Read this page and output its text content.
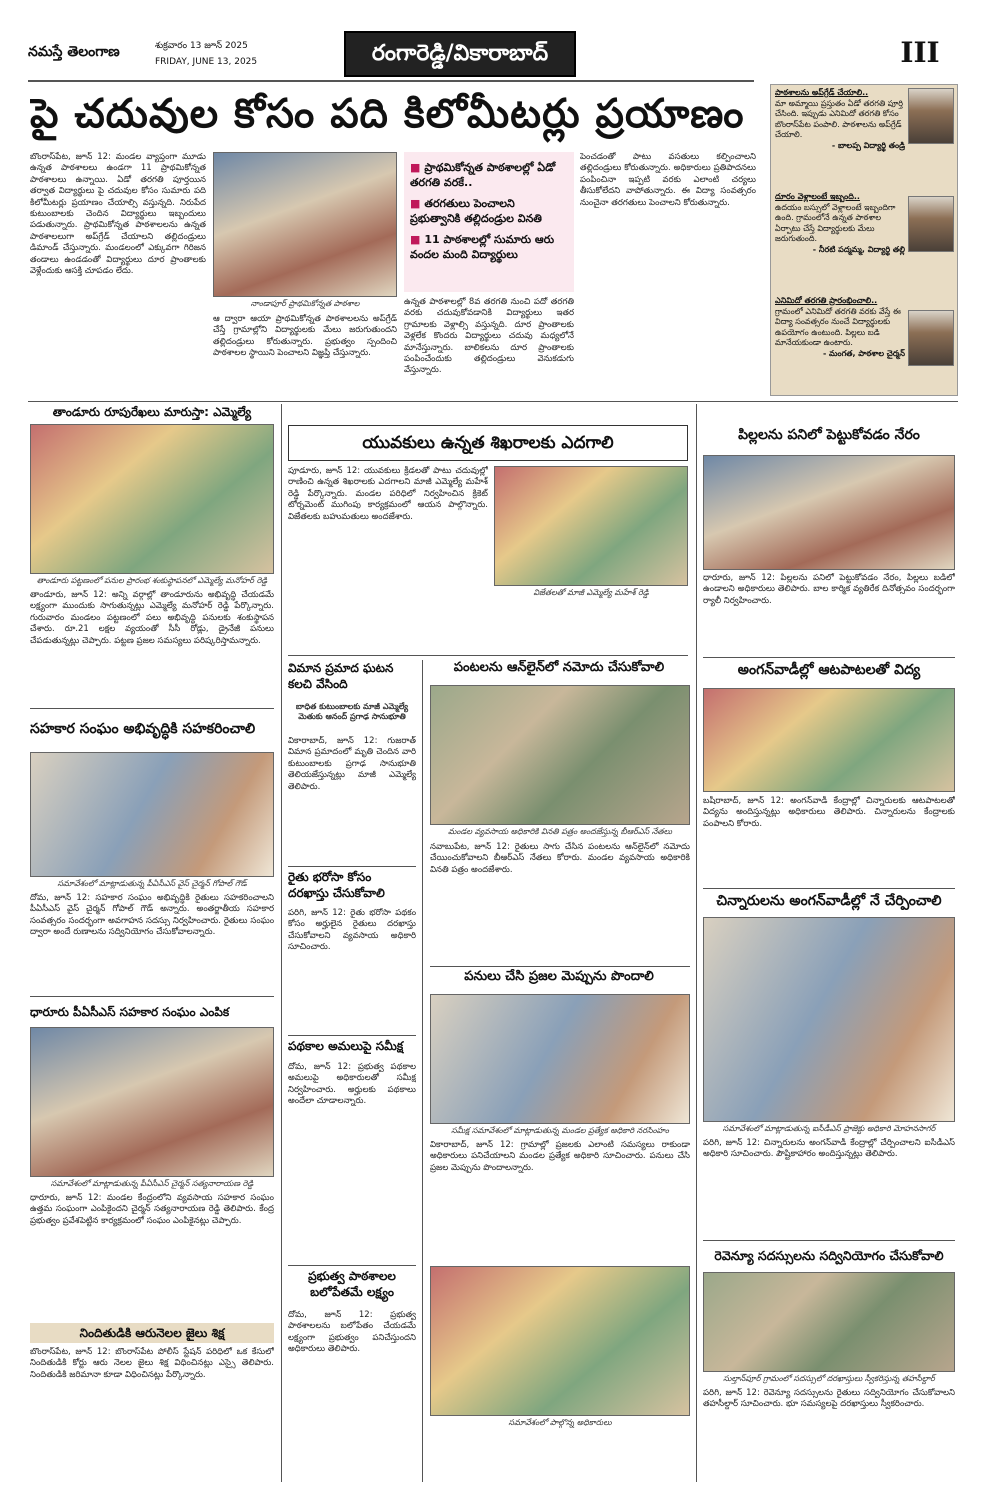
నమస్తే తెలంగాణ	శుక్రవారం 13 జూన్ 2025
FRIDAY, JUNE 13, 2025	రంగారెడ్డి/వికారాబాద్	III
పై చదువుల కోసం పది కిలోమీటర్లు ప్రయాణం
బొంరాస్‌పేట, జూన్ 12: మండల వ్యాప్తంగా మూడు ఉన్నత పాఠశాలలు ఉండగా 11 ప్రాథమికోన్నత పాఠశాలలు ఉన్నాయి. ఏడో తరగతి పూర్తయిన తర్వాత విద్యార్థులు పై చదువుల కోసం సుమారు పది కిలోమీటర్లు ప్రయాణం చేయాల్సి వస్తున్నది. నిరుపేద కుటుంబాలకు చెందిన విద్యార్థులు ఇబ్బందులు పడుతున్నారు. ప్రాథమికోన్నత పాఠశాలలను ఉన్నత పాఠశాలలుగా అప్‌గ్రేడ్ చేయాలని తల్లిదండ్రులు డిమాండ్ చేస్తున్నారు. మండలంలో ఎక్కువగా గిరిజన తండాలు ఉండడంతో విద్యార్థులు దూర ప్రాంతాలకు వెళ్లేందుకు ఆసక్తి చూపడం లేదు.
నాండాపూర్ ప్రాథమికోన్నత పాఠశాల
ఆ ద్వారా ఆయా ప్రాథమికోన్నత పాఠశాలలను అప్‌గ్రేడ్ చేస్తే గ్రామాల్లోని విద్యార్థులకు మేలు జరుగుతుందని తల్లిదండ్రులు కోరుతున్నారు. ప్రభుత్వం స్పందించి పాఠశాలల స్థాయిని పెంచాలని విజ్ఞప్తి చేస్తున్నారు.
■ ప్రాథమికోన్నత పాఠశాలల్లో ఏడో తరగతి వరకే..
■ తరగతులు పెంచాలని ప్రభుత్వానికి తల్లిదండ్రుల వినతి
■ 11 పాఠశాలల్లో సుమారు ఆరు వందల మంది విద్యార్థులు
ఉన్నత పాఠశాలల్లో 8వ తరగతి నుంచి పదో తరగతి వరకు చదువుకోవడానికి విద్యార్థులు ఇతర గ్రామాలకు వెళ్లాల్సి వస్తున్నది. దూర ప్రాంతాలకు వెళ్లలేక కొందరు విద్యార్థులు చదువు మధ్యలోనే మానేస్తున్నారు. బాలికలను దూర ప్రాంతాలకు పంపించేందుకు తల్లిదండ్రులు వెనుకడుగు వేస్తున్నారు.
పెంచడంతో పాటు వసతులు కల్పించాలని తల్లిదండ్రులు కోరుతున్నారు. అధికారులు ప్రతిపాదనలు పంపించినా ఇప్పటి వరకు ఎలాంటి చర్యలు తీసుకోలేదని వాపోతున్నారు. ఈ విద్యా సంవత్సరం నుంచైనా తరగతులు పెంచాలని కోరుతున్నారు.
పాఠశాలను అప్‌గ్రేడ్ చేయాలి..
మా అమ్మాయి ప్రస్తుతం ఏడో తరగతి పూర్తి చేసింది. ఇప్పుడు ఎనిమిదో తరగతి కోసం బొంరాస్‌పేట పంపాలి. పాఠశాలను అప్‌గ్రేడ్ చేయాలి.
- బాలప్ప విద్యార్థి తండ్రి
దూరం వెళ్లాలంటే ఇబ్బంది..
ఉదయం బస్సులో వెళ్లాలంటే ఇబ్బందిగా ఉంది. గ్రామంలోనే ఉన్నత పాఠశాల ఏర్పాటు చేస్తే విద్యార్థులకు మేలు జరుగుతుంది.
- నీరటి పద్మమ్మ, విద్యార్థి తల్లి
ఎనిమిదో తరగతి ప్రారంభించాలి..
గ్రామంలో ఎనిమిదో తరగతి వరకు వేస్తే ఈ విద్యా సంవత్సరం నుంచే విద్యార్థులకు ఉపయోగం ఉంటుంది. పిల్లలు బడి మానేయకుండా ఉంటారు.
- మంగత, పాఠశాల చైర్మన్
తాండూరు రూపురేఖలు మారుస్తా: ఎమ్మెల్యే
తాండూరు పట్టణంలో పనుల ప్రారంభ శంకుస్థాపనలో ఎమ్మెల్యే మనోహర్ రెడ్డి
తాండూరు, జూన్ 12: అన్ని వర్గాల్లో తాండూరును అభివృద్ధి చేయడమే లక్ష్యంగా ముందుకు సాగుతున్నట్లు ఎమ్మెల్యే మనోహర్ రెడ్డి పేర్కొన్నారు. గురువారం మండలం పట్టణంలో పలు అభివృద్ధి పనులకు శంకుస్థాపన చేశారు. రూ.21 లక్షల వ్యయంతో సీసీ రోడ్లు, డ్రైనేజీ పనులు చేపడుతున్నట్లు చెప్పారు. పట్టణ ప్రజల సమస్యలు పరిష్కరిస్తామన్నారు.
సహకార సంఘం అభివృద్ధికి సహకరించాలి
సమావేశంలో మాట్లాడుతున్న పీఏసీఎస్ వైస్ చైర్మన్ గోపాల్ గౌడ్
దోమ, జూన్ 12: సహకార సంఘం అభివృద్ధికి రైతులు సహకరించాలని పీఏసీఎస్ వైస్ చైర్మన్ గోపాల్ గౌడ్ అన్నారు. అంతర్జాతీయ సహకార సంవత్సరం సందర్భంగా అవగాహన సదస్సు నిర్వహించారు. రైతులు సంఘం ద్వారా అందే రుణాలను సద్వినియోగం చేసుకోవాలన్నారు.
ధారూరు పీఏసీఎస్ సహకార సంఘం ఎంపిక
సమావేశంలో మాట్లాడుతున్న పీఏసీఎస్ చైర్మన్ సత్యనారాయణ రెడ్డి
ధారూరు, జూన్ 12: మండల కేంద్రంలోని వ్యవసాయ సహకార సంఘం ఉత్తమ సంఘంగా ఎంపికైందని చైర్మన్ సత్యనారాయణ రెడ్డి తెలిపారు. కేంద్ర ప్రభుత్వం ప్రవేశపెట్టిన కార్యక్రమంలో సంఘం ఎంపికైనట్లు చెప్పారు.
నిందితుడికి ఆరునెలల జైలు శిక్ష
బొంరాస్‌పేట, జూన్ 12: బొంరాస్‌పేట పోలీస్ స్టేషన్ పరిధిలో ఒక కేసులో నిందితుడికి కోర్టు ఆరు నెలల జైలు శిక్ష విధించినట్లు ఎస్సై తెలిపారు. నిందితుడికి జరిమానా కూడా విధించినట్లు పేర్కొన్నారు.
యువకులు ఉన్నత శిఖరాలకు ఎదగాలి
పూడూరు, జూన్ 12: యువకులు క్రీడలతో పాటు చదువుల్లో రాణించి ఉన్నత శిఖరాలకు ఎదగాలని మాజీ ఎమ్మెల్యే మహేశ్ రెడ్డి పేర్కొన్నారు. మండల పరిధిలో నిర్వహించిన క్రికెట్ టోర్నమెంట్ ముగింపు కార్యక్రమంలో ఆయన పాల్గొన్నారు. విజేతలకు బహుమతులు అందజేశారు.
విజేతలతో మాజీ ఎమ్మెల్యే మహేశ్ రెడ్డి
విమాన ప్రమాద ఘటన కలచి వేసింది
బాధిత కుటుంబాలకు మాజీ ఎమ్మెల్యే మెతుకు ఆనంద్ ప్రగాఢ సానుభూతి
వికారాబాద్, జూన్ 12: గుజరాత్ విమాన ప్రమాదంలో మృతి చెందిన వారి కుటుంబాలకు ప్రగాఢ సానుభూతి తెలియజేస్తున్నట్లు మాజీ ఎమ్మెల్యే తెలిపారు.
రైతు భరోసా కోసం దరఖాస్తు చేసుకోవాలి
పరిగి, జూన్ 12: రైతు భరోసా పథకం కోసం అర్హులైన రైతులు దరఖాస్తు చేసుకోవాలని వ్యవసాయ అధికారి సూచించారు.
పథకాల అమలుపై సమీక్ష
దోమ, జూన్ 12: ప్రభుత్వ పథకాల అమలుపై అధికారులతో సమీక్ష నిర్వహించారు. అర్హులకు పథకాలు అందేలా చూడాలన్నారు.
ప్రభుత్వ పాఠశాలల బలోపేతమే లక్ష్యం
దోమ, జూన్ 12: ప్రభుత్వ పాఠశాలలను బలోపేతం చేయడమే లక్ష్యంగా ప్రభుత్వం పనిచేస్తుందని అధికారులు తెలిపారు.
పంటలను ఆన్‌లైన్‌లో నమోదు చేసుకోవాలి
మండల వ్యవసాయ అధికారికి వినతి పత్రం అందజేస్తున్న బీఆర్‌ఎస్ నేతలు
నవాబుపేట, జూన్ 12: రైతులు సాగు చేసిన పంటలను ఆన్‌లైన్‌లో నమోదు చేయించుకోవాలని బీఆర్‌ఎస్ నేతలు కోరారు. మండల వ్యవసాయ అధికారికి వినతి పత్రం అందజేశారు.
పనులు చేసి ప్రజల మెప్పును పొందాలి
సమీక్ష సమావేశంలో మాట్లాడుతున్న మండల ప్రత్యేక అధికారి నరసింహం
వికారాబాద్, జూన్ 12: గ్రామాల్లో ప్రజలకు ఎలాంటి సమస్యలు రాకుండా అధికారులు పనిచేయాలని మండల ప్రత్యేక అధికారి సూచించారు. పనులు చేసి ప్రజల మెప్పును పొందాలన్నారు.
సమావేశంలో పాల్గొన్న అధికారులు
పిల్లలను పనిలో పెట్టుకోవడం నేరం
ధారూరు, జూన్ 12: పిల్లలను పనిలో పెట్టుకోవడం నేరం, పిల్లలు బడిలో ఉండాలని అధికారులు తెలిపారు. బాల కార్మిక వ్యతిరేక దినోత్సవం సందర్భంగా ర్యాలీ నిర్వహించారు.
అంగన్‌వాడీల్లో ఆటపాటలతో విద్య
బషీరాబాద్, జూన్ 12: అంగన్‌వాడీ కేంద్రాల్లో చిన్నారులకు ఆటపాటలతో విద్యను అందిస్తున్నట్లు అధికారులు తెలిపారు. చిన్నారులను కేంద్రాలకు పంపాలని కోరారు.
చిన్నారులను అంగన్‌వాడీల్లో నే చేర్పించాలి
సమావేశంలో మాట్లాడుతున్న ఐసీడీఎస్ ప్రాజెక్టు అధికారి మోహనసాగర్
పరిగి, జూన్ 12: చిన్నారులను అంగన్‌వాడీ కేంద్రాల్లో చేర్పించాలని ఐసీడీఎస్ అధికారి సూచించారు. పౌష్టికాహారం అందిస్తున్నట్లు తెలిపారు.
రెవెన్యూ సదస్సులను సద్వినియోగం చేసుకోవాలి
సుల్తాన్‌పూర్ గ్రామంలో సదస్సులో దరఖాస్తులు స్వీకరిస్తున్న తహసీల్దార్
పరిగి, జూన్ 12: రెవెన్యూ సదస్సులను రైతులు సద్వినియోగం చేసుకోవాలని తహసీల్దార్ సూచించారు. భూ సమస్యలపై దరఖాస్తులు స్వీకరించారు.
